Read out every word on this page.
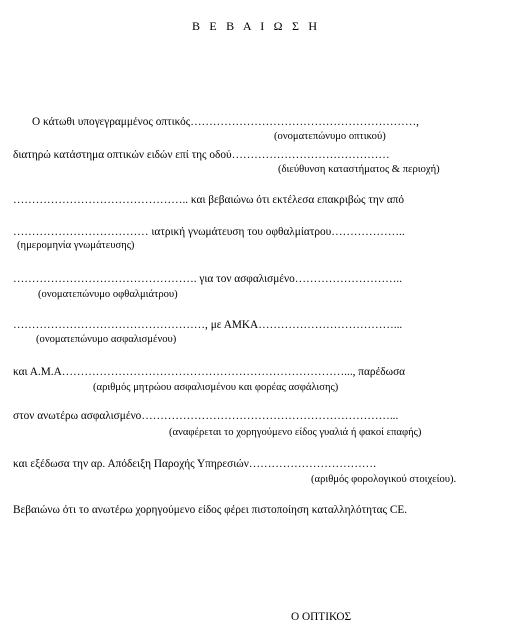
Β Ε Β Α Ι Ω Σ Η
Ο κάτωθι υπογεγραμμένος οπτικός……………………………………………………,
(ονοματεπώνυμο οπτικού)
διατηρώ κατάστημα οπτικών ειδών επί της οδού……………………………………
(διεύθυνση καταστήματος & περιοχή)
……………………………………….. και βεβαιώνω ότι εκτέλεσα επακριβώς την από
……………………………… ιατρική γνωμάτευση του οφθαλμίατρου………………..
(ημερομηνία γνωμάτευσης)
…………………………………………. για τον ασφαλισμένο………………………..
(ονοματεπώνυμο οφθαλμιάτρου)
……………………………………………, με ΑΜΚΑ………………………………...
(ονοματεπώνυμο ασφαλισμένου)
και Α.Μ.Α…………………………………………………………………..., παρέδωσα
(αριθμός μητρώου ασφαλισμένου και φορέας ασφάλισης)
στον ανωτέρω ασφαλισμένο…………………………………………………………...
(αναφέρεται το χορηγούμενο είδος γυαλιά ή φακοί επαφής)
και εξέδωσα την αρ. Απόδειξη Παροχής Υπηρεσιών…………………………….
(αριθμός φορολογικού στοιχείου).
Βεβαιώνω ότι το ανωτέρω χορηγούμενο είδος φέρει πιστοποίηση καταλληλότητας CE.
Ο ΟΠΤΙΚΟΣ
